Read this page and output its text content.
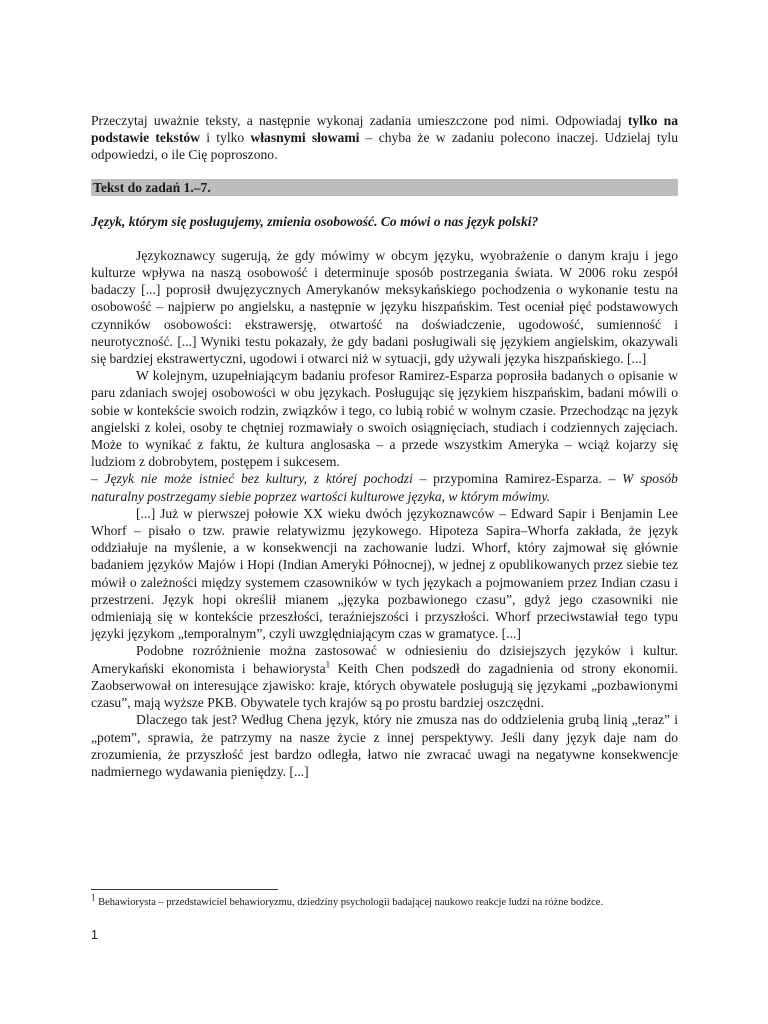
Przeczytaj uważnie teksty, a następnie wykonaj zadania umieszczone pod nimi. Odpowiadaj tylko na podstawie tekstów i tylko własnymi słowami – chyba że w zadaniu polecono inaczej. Udzielaj tylu odpowiedzi, o ile Cię poproszono.

Tekst do zadań 1.–7.

Język, którym się posługujemy, zmienia osobowość. Co mówi o nas język polski?

Językoznawcy sugerują, że gdy mówimy w obcym języku, wyobrażenie o danym kraju i jego kulturze wpływa na naszą osobowość i determinuje sposób postrzegania świata. W 2006 roku zespół badaczy [...] poprosił dwujęzycznych Amerykanów meksykańskiego pochodzenia o wykonanie testu na osobowość – najpierw po angielsku, a następnie w języku hiszpańskim. Test oceniał pięć podstawowych czynników osobowości: ekstrawersję, otwartość na doświadczenie, ugodowość, sumienność i neurotyczność. [...] Wyniki testu pokazały, że gdy badani posługiwali się językiem angielskim, okazywali się bardziej ekstrawertyczni, ugodowi i otwarci niż w sytuacji, gdy używali języka hiszpańskiego. [...]

W kolejnym, uzupełniającym badaniu profesor Ramirez-Esparza poprosiła badanych o opisanie w paru zdaniach swojej osobowości w obu językach. Posługując się językiem hiszpańskim, badani mówili o sobie w kontekście swoich rodzin, związków i tego, co lubią robić w wolnym czasie. Przechodząc na język angielski z kolei, osoby te chętniej rozmawiały o swoich osiągnięciach, studiach i codziennych zajęciach. Może to wynikać z faktu, że kultura anglosaska – a przede wszystkim Ameryka – wciąż kojarzy się ludziom z dobrobytem, postępem i sukcesem.

– Język nie może istnieć bez kultury, z której pochodzi – przypomina Ramirez-Esparza. – W sposób naturalny postrzegamy siebie poprzez wartości kulturowe języka, w którym mówimy.

[...] Już w pierwszej połowie XX wieku dwóch językoznawców – Edward Sapir i Benjamin Lee Whorf – pisało o tzw. prawie relatywizmu językowego. Hipoteza Sapira–Whorfa zakłada, że język oddziałuje na myślenie, a w konsekwencji na zachowanie ludzi. Whorf, który zajmował się głównie badaniem języków Majów i Hopi (Indian Ameryki Północnej), w jednej z opublikowanych przez siebie tez mówił o zależności między systemem czasowników w tych językach a pojmowaniem przez Indian czasu i przestrzeni. Język hopi określił mianem „języka pozbawionego czasu”, gdyż jego czasowniki nie odmieniają się w kontekście przeszłości, teraźniejszości i przyszłości. Whorf przeciwstawiał tego typu języki językom „temporalnym”, czyli uwzględniającym czas w gramatyce. [...]

Podobne rozróżnienie można zastosować w odniesieniu do dzisiejszych języków i kultur. Amerykański ekonomista i behawiorysta$^1$ Keith Chen podszedł do zagadnienia od strony ekonomii. Zaobserwował on interesujące zjawisko: kraje, których obywatele posługują się językami „pozbawionymi czasu”, mają wyższe PKB. Obywatele tych krajów są po prostu bardziej oszczędni.

Dlaczego tak jest? Według Chena język, który nie zmusza nas do oddzielenia grubą linią „teraz” i „potem”, sprawia, że patrzymy na nasze życie z innej perspektywy. Jeśli dany język daje nam do zrozumienia, że przyszłość jest bardzo odległa, łatwo nie zwracać uwagi na negatywne konsekwencje nadmiernego wydawania pieniędzy. [...]

$^1$ Behawiorysta – przedstawiciel behawioryzmu, dziedziny psychologii badającej naukowo reakcje ludzi na różne bodźce.
1
